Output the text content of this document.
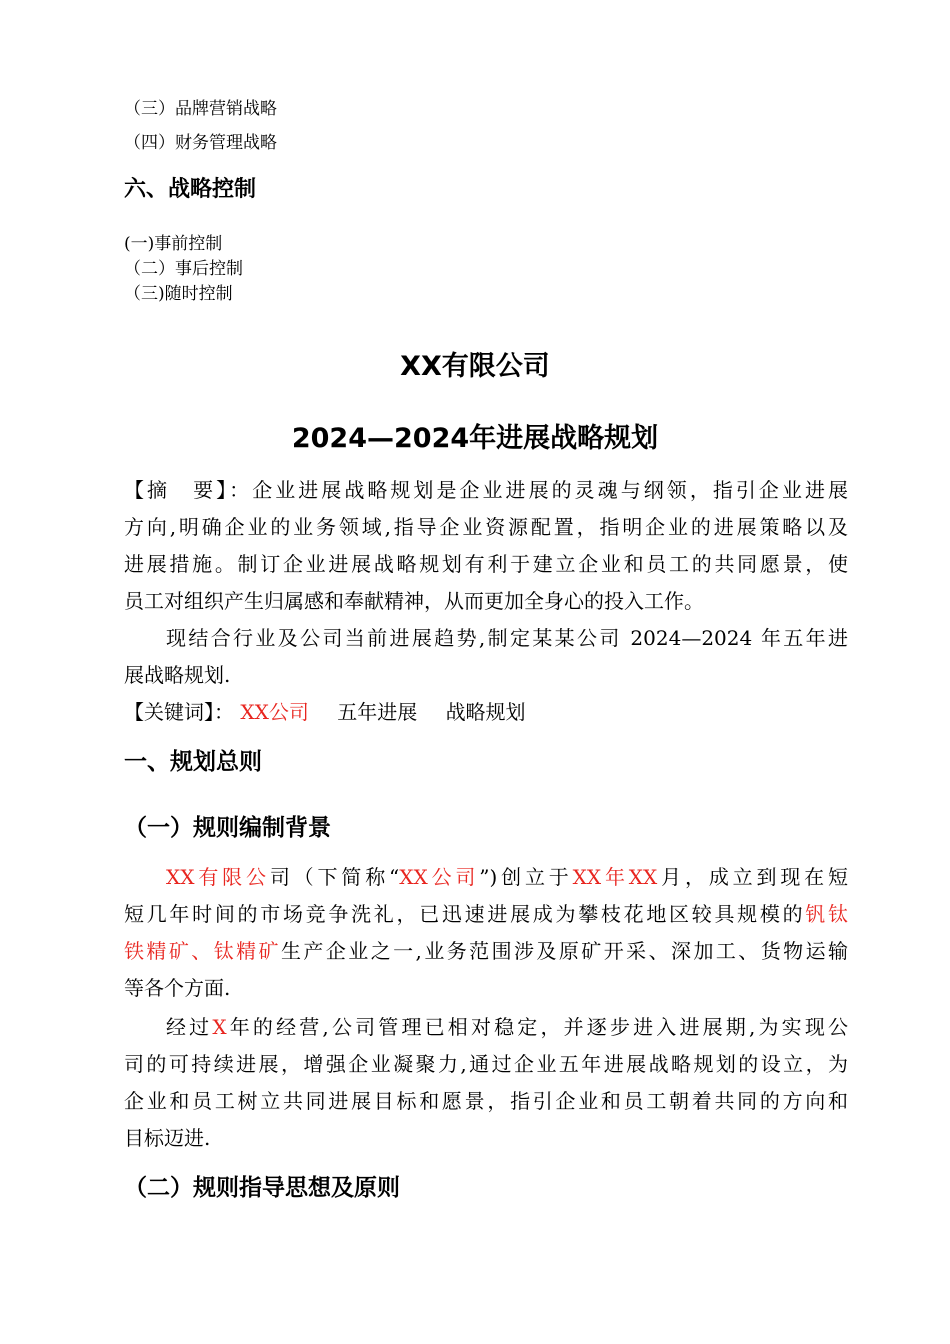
（三）品牌营销战略
（四）财务管理战略
六、战略控制
(一)事前控制
（二）事后控制
（三)随时控制
XX有限公司
2024—2024年进展战略规划
【摘　要】：企业进展战略规划是企业进展的灵魂与纲领，指引企业进展
方向,明确企业的业务领域,指导企业资源配置，指明企业的进展策略以及
进展措施。制订企业进展战略规划有利于建立企业和员工的共同愿景，使
员工对组织产生归属感和奉献精神，从而更加全身心的投入工作。
现结合行业及公司当前进展趋势,制定某某公司 2024—2024 年五年进
展战略规划.
【关键词】： XX公司 五年进展 战略规划
一、规划总则
（一）规则编制背景
XX有限公司（下简称“XX公司”)创立于XX年XX月，成立到现在短
短几年时间的市场竞争洗礼，已迅速进展成为攀枝花地区较具规模的钒钛
铁精矿、钛精矿生产企业之一,业务范围涉及原矿开采、深加工、货物运输
等各个方面.
经过X年的经营,公司管理已相对稳定，并逐步进入进展期,为实现公
司的可持续进展，增强企业凝聚力,通过企业五年进展战略规划的设立，为
企业和员工树立共同进展目标和愿景，指引企业和员工朝着共同的方向和
目标迈进.
（二）规则指导思想及原则
